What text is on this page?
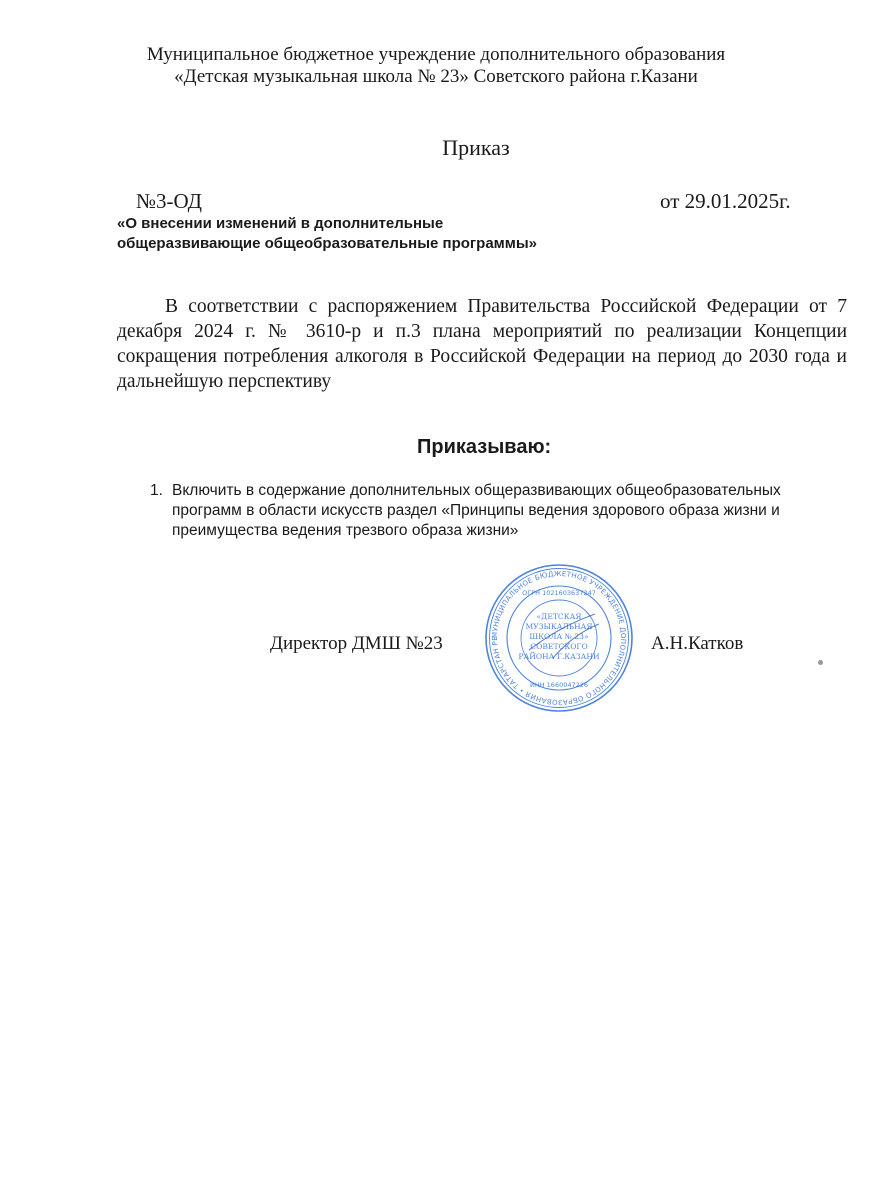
Муниципальное бюджетное учреждение дополнительного образования
«Детская музыкальная школа № 23» Советского района г.Казани
Приказ
№3-ОД	от 29.01.2025г.
«О внесении изменений в дополнительные
общеразвивающие общеобразовательные программы»
В соответствии с распоряжением Правительства Российской Федерации от 7 декабря 2024 г. № 3610-р и п.3 плана мероприятий по реализации Концепции сокращения потребления алкоголя в Российской Федерации на период до 2030 года и дальнейшую перспективу
Приказываю:
1. Включить в содержание дополнительных общеразвивающих общеобразовательных программ в области искусств раздел «Принципы ведения здорового образа жизни и преимущества ведения трезвого образа жизни»
Директор ДМШ №23	А.Н.Катков
МУНИЦИПАЛЬНОЕ БЮДЖЕТНОЕ УЧРЕЖДЕНИЕ ДОПОЛНИТЕЛЬНОГО ОБРАЗОВАНИЯ • ТАТАРСТАН РЕ
ОГРН 1021603637247
ИНН 1660047226
«ДЕТСКАЯ
МУЗЫКАЛЬНАЯ
ШКОЛА № 23»
СОВЕТСКОГО
РАЙОНА Г.КАЗАНИ
